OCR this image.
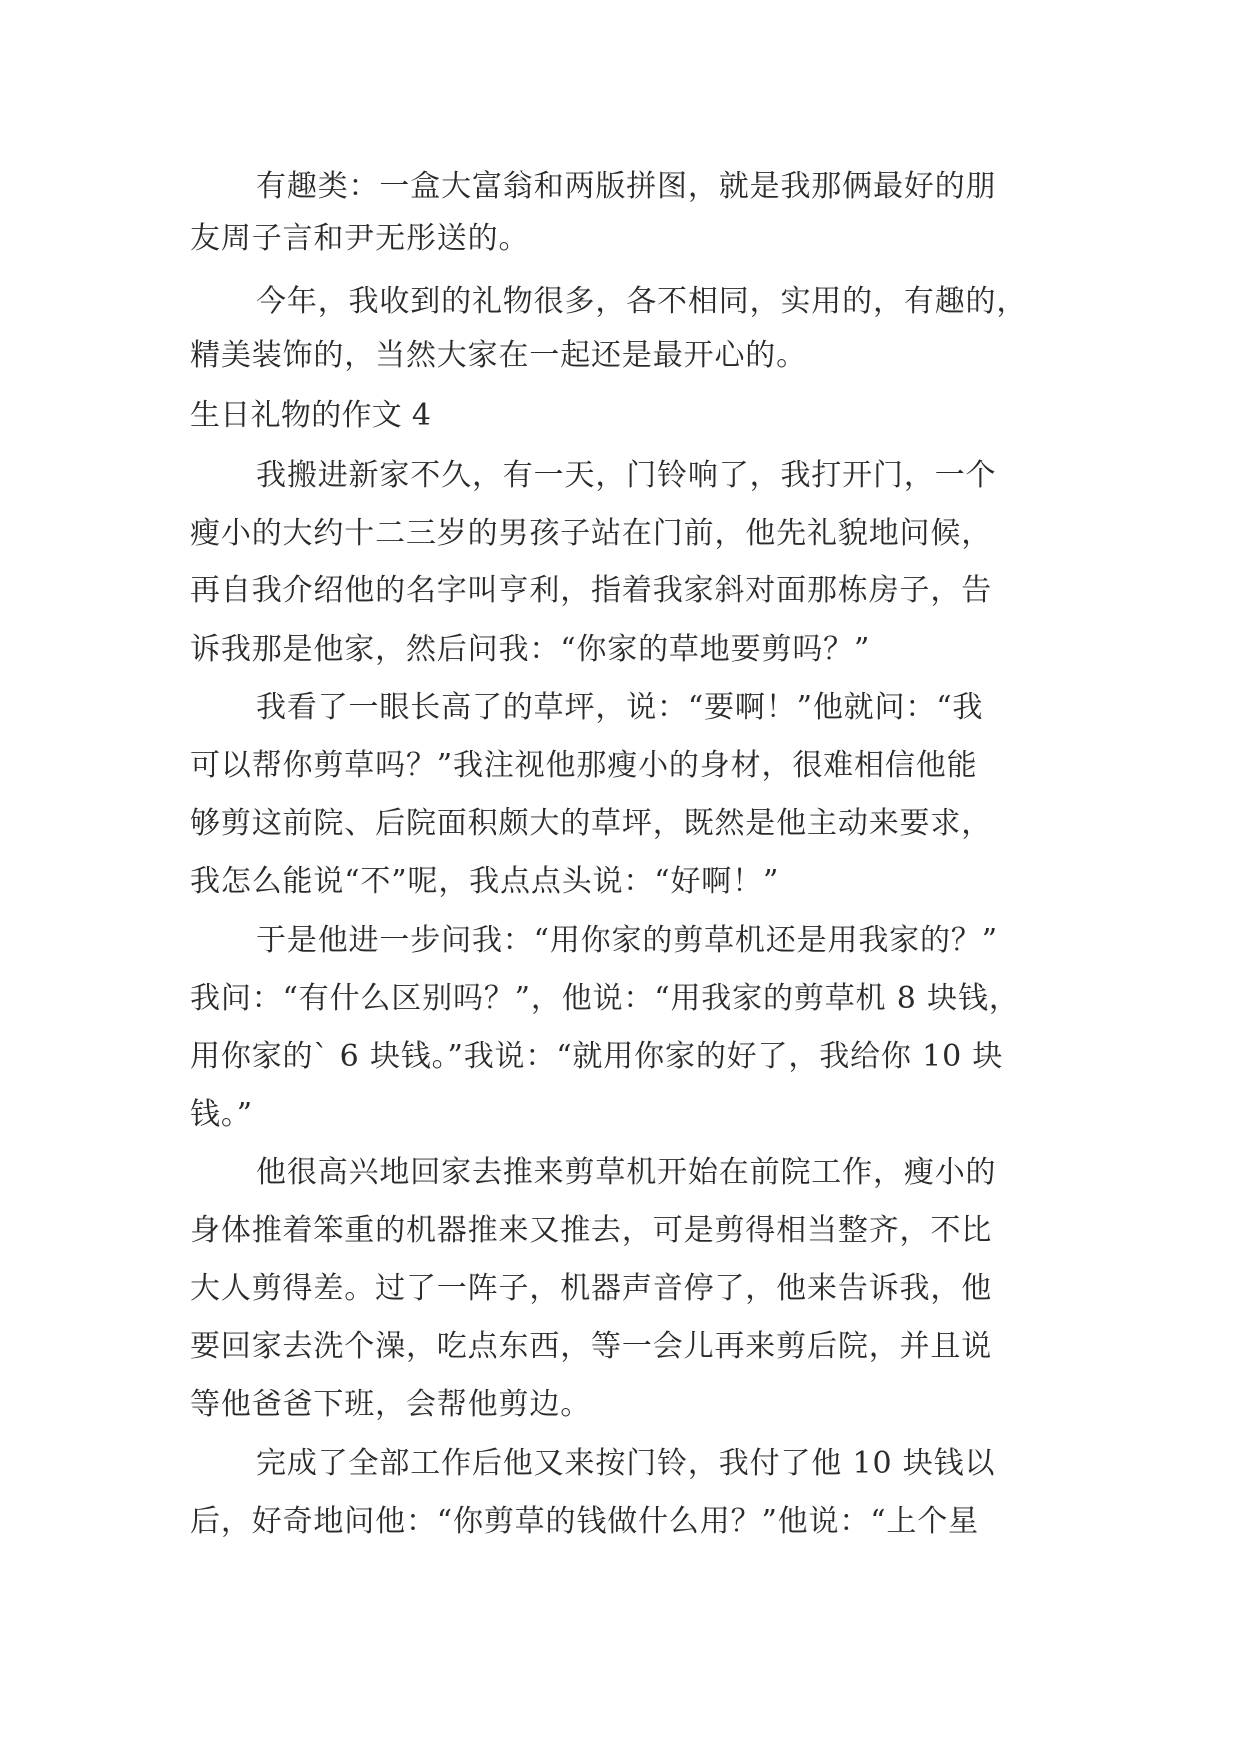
有趣类：一盒大富翁和两版拼图，就是我那俩最好的朋
友周子言和尹无彤送的。
今年，我收到的礼物很多，各不相同，实用的，有趣的，
精美装饰的，当然大家在一起还是最开心的。
生日礼物的作文 4
我搬进新家不久，有一天，门铃响了，我打开门，一个
瘦小的大约十二三岁的男孩子站在门前，他先礼貌地问候，
再自我介绍他的名字叫亨利，指着我家斜对面那栋房子，告
诉我那是他家，然后问我：“你家的草地要剪吗？”
我看了一眼长高了的草坪，说：“要啊！”他就问：“我
可以帮你剪草吗？”我注视他那瘦小的身材，很难相信他能
够剪这前院、后院面积颇大的草坪，既然是他主动来要求，
我怎么能说“不”呢，我点点头说：“好啊！”
于是他进一步问我：“用你家的剪草机还是用我家的？”
我问：“有什么区别吗？”，他说：“用我家的剪草机 8 块钱，
用你家的` 6 块钱。”我说：“就用你家的好了，我给你 10 块
钱。”
他很高兴地回家去推来剪草机开始在前院工作，瘦小的
身体推着笨重的机器推来又推去，可是剪得相当整齐，不比
大人剪得差。过了一阵子，机器声音停了，他来告诉我，他
要回家去洗个澡，吃点东西，等一会儿再来剪后院，并且说
等他爸爸下班，会帮他剪边。
完成了全部工作后他又来按门铃，我付了他 10 块钱以
后，好奇地问他：“你剪草的钱做什么用？”他说：“上个星
